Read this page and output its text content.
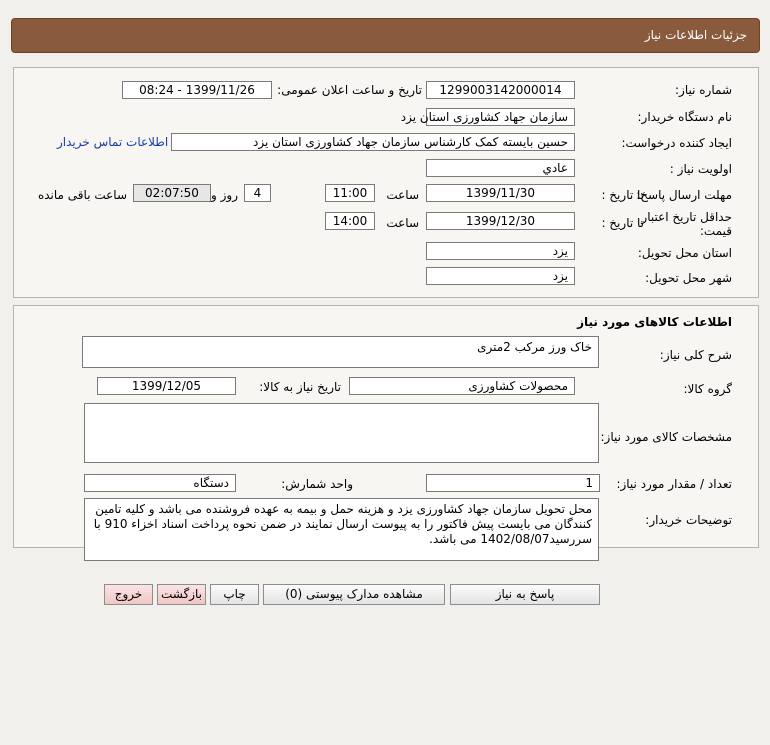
جزئیات اطلاعات نیاز
شماره نیاز:
1299003142000014
تاریخ و ساعت اعلان عمومی:
1399/11/26 - 08:24
نام دستگاه خریدار:
سازمان جهاد کشاورزی استان یزد
ایجاد کننده درخواست:
حسین بایسته کمک کارشناس سازمان جهاد کشاورزی استان یزد
اطلاعات تماس خریدار
اولویت نیاز :
عادي
مهلت ارسال پاسخ:
تا تاریخ :
1399/11/30
ساعت
11:00
4
روز و
02:07:50
ساعت باقی مانده
حداقل تاریخ اعتبار
قیمت:
تا تاریخ :
1399/12/30
ساعت
14:00
استان محل تحویل:
یزد
شهر محل تحویل:
یزد
اطلاعات کالاهای مورد نیاز
شرح کلی نیاز:
خاک ورز مرکب 2متری
گروه کالا:
محصولات کشاورزی
تاریخ نیاز به کالا:
1399/12/05
مشخصات کالای مورد نیاز:
تعداد / مقدار مورد نیاز:
1
واحد شمارش:
دستگاه
توضیحات خریدار:
محل تحویل سازمان جهاد کشاورزی یزد و هزینه حمل و بیمه به عهده فروشنده می باشد و کلیه تامین کنندگان می بایست پیش فاکتور را به پیوست ارسال نمایند در ضمن نحوه پرداخت اسناد اخزاء 910 با سررسید1402/08/07 می باشد.
پاسخ به نیاز
مشاهده مدارک پیوستی (0)
چاپ
بازگشت
خروج
